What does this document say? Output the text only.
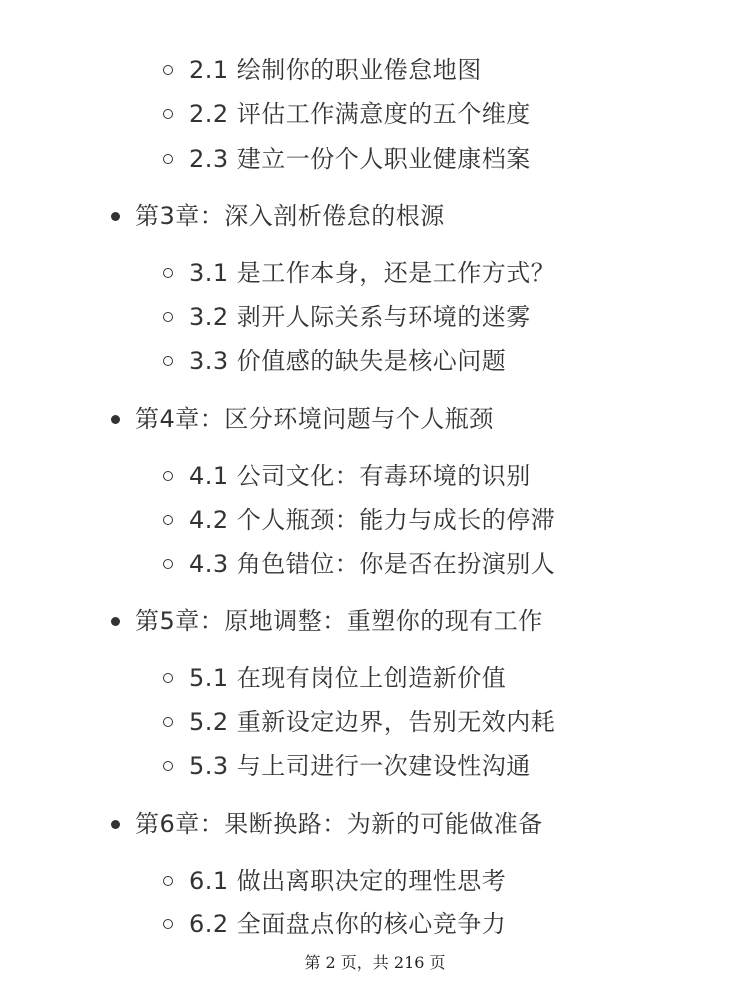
2.1 绘制你的职业倦怠地图
2.2 评估工作满意度的五个维度
2.3 建立一份个人职业健康档案
第3章：深入剖析倦怠的根源
3.1 是工作本身，还是工作方式？
3.2 剥开人际关系与环境的迷雾
3.3 价值感的缺失是核心问题
第4章：区分环境问题与个人瓶颈
4.1 公司文化：有毒环境的识别
4.2 个人瓶颈：能力与成长的停滞
4.3 角色错位：你是否在扮演别人
第5章：原地调整：重塑你的现有工作
5.1 在现有岗位上创造新价值
5.2 重新设定边界，告别无效内耗
5.3 与上司进行一次建设性沟通
第6章：果断换路：为新的可能做准备
6.1 做出离职决定的理性思考
6.2 全面盘点你的核心竞争力
第 2 页，共 216 页
